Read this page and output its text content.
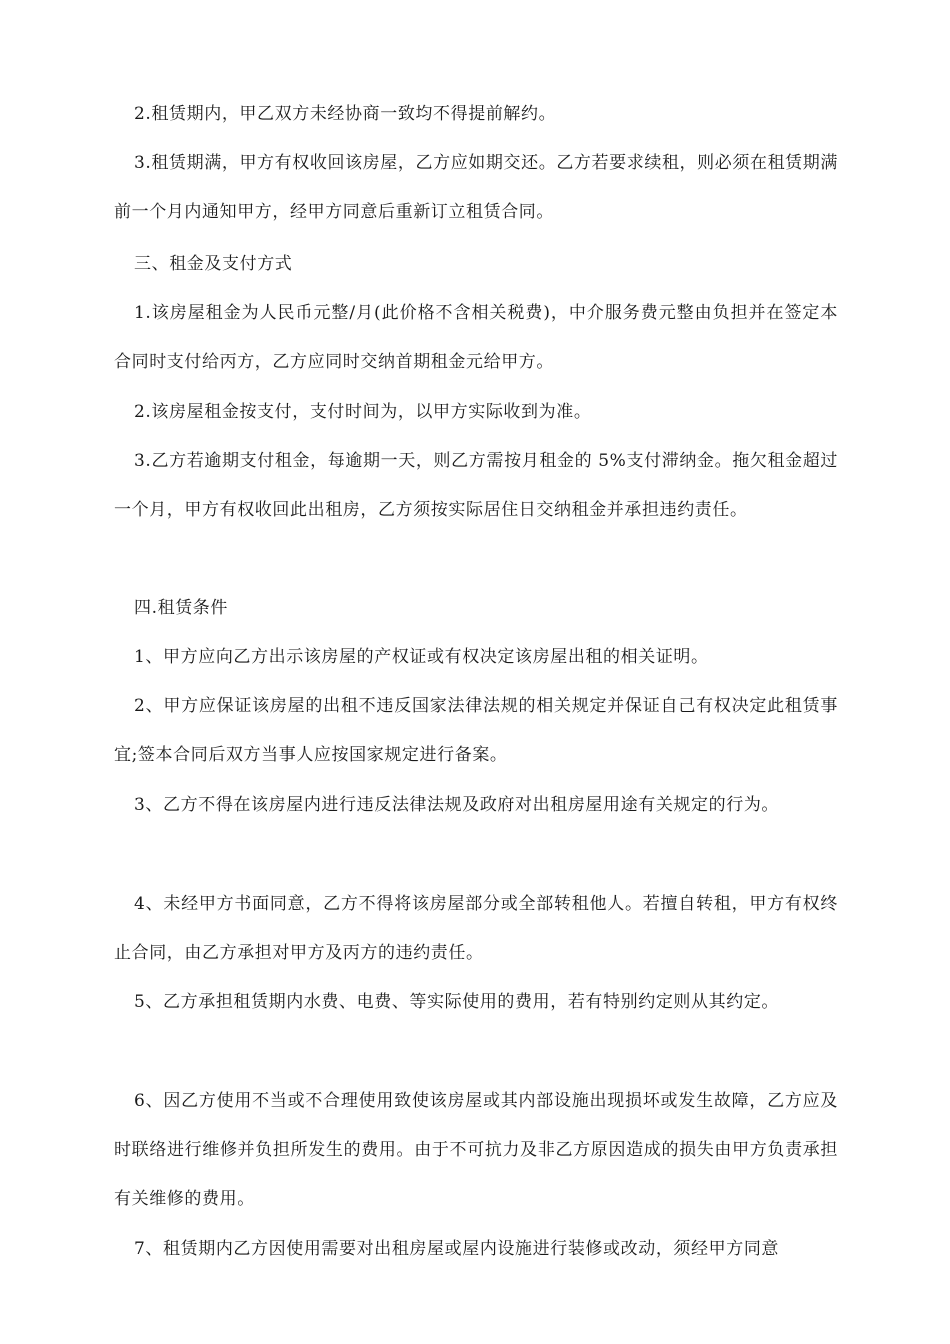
2.租赁期内，甲乙双方未经协商一致均不得提前解约。

3.租赁期满，甲方有权收回该房屋，乙方应如期交还。乙方若要求续租，则必须在租赁期满前一个月内通知甲方，经甲方同意后重新订立租赁合同。

三、租金及支付方式

1.该房屋租金为人民币元整/月(此价格不含相关税费)，中介服务费元整由负担并在签定本合同时支付给丙方，乙方应同时交纳首期租金元给甲方。

2.该房屋租金按支付，支付时间为，以甲方实际收到为准。

3.乙方若逾期支付租金，每逾期一天，则乙方需按月租金的 5%支付滞纳金。拖欠租金超过一个月，甲方有权收回此出租房，乙方须按实际居住日交纳租金并承担违约责任。

四.租赁条件

1、甲方应向乙方出示该房屋的产权证或有权决定该房屋出租的相关证明。

2、甲方应保证该房屋的出租不违反国家法律法规的相关规定并保证自己有权决定此租赁事宜;签本合同后双方当事人应按国家规定进行备案。

3、乙方不得在该房屋内进行违反法律法规及政府对出租房屋用途有关规定的行为。

4、未经甲方书面同意，乙方不得将该房屋部分或全部转租他人。若擅自转租，甲方有权终止合同，由乙方承担对甲方及丙方的违约责任。

5、乙方承担租赁期内水费、电费、等实际使用的费用，若有特别约定则从其约定。

6、因乙方使用不当或不合理使用致使该房屋或其内部设施出现损坏或发生故障，乙方应及时联络进行维修并负担所发生的费用。由于不可抗力及非乙方原因造成的损失由甲方负责承担有关维修的费用。

7、租赁期内乙方因使用需要对出租房屋或屋内设施进行装修或改动，须经甲方同意
